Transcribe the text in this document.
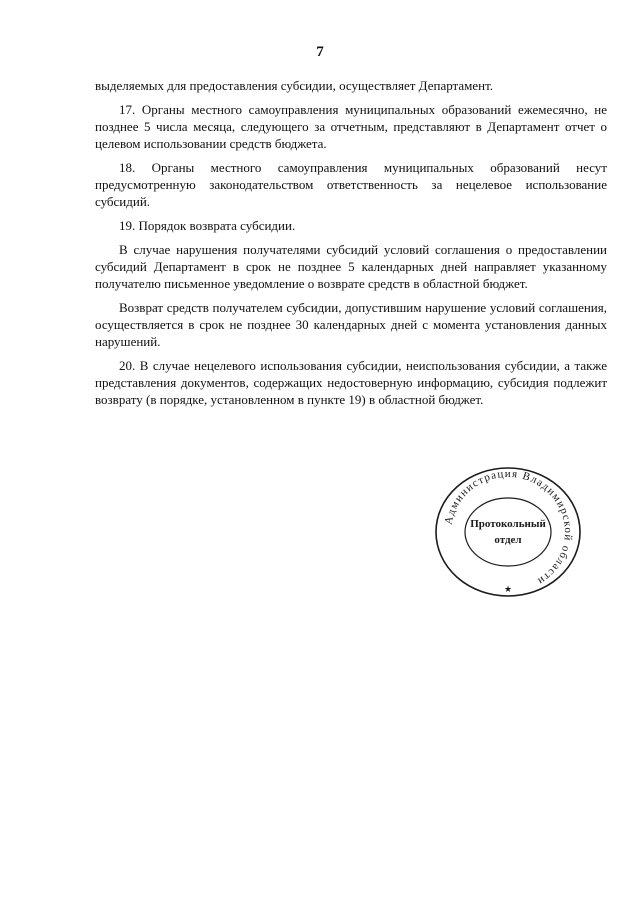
7

выделяемых для предоставления субсидии, осуществляет Департамент.

17. Органы местного самоуправления муниципальных образований ежемесячно, не позднее 5 числа месяца, следующего за отчетным, представляют в Департамент отчет о целевом использовании средств бюджета.

18. Органы местного самоуправления муниципальных образований несут предусмотренную законодательством ответственность за нецелевое использование субсидий.

19. Порядок возврата субсидии.

В случае нарушения получателями субсидий условий соглашения о предоставлении субсидий Департамент в срок не позднее 5 календарных дней направляет указанному получателю письменное уведомление о возврате средств в областной бюджет.

Возврат средств получателем субсидии, допустившим нарушение условий соглашения, осуществляется в срок не позднее 30 календарных дней с момента установления данных нарушений.

20. В случае нецелевого использования субсидии, неиспользования субсидии, а также представления документов, содержащих недостоверную информацию, субсидия подлежит возврату (в порядке, установленном в пункте 19) в областной бюджет.

Администрация Владимирской области
Протокольный
отдел
★
